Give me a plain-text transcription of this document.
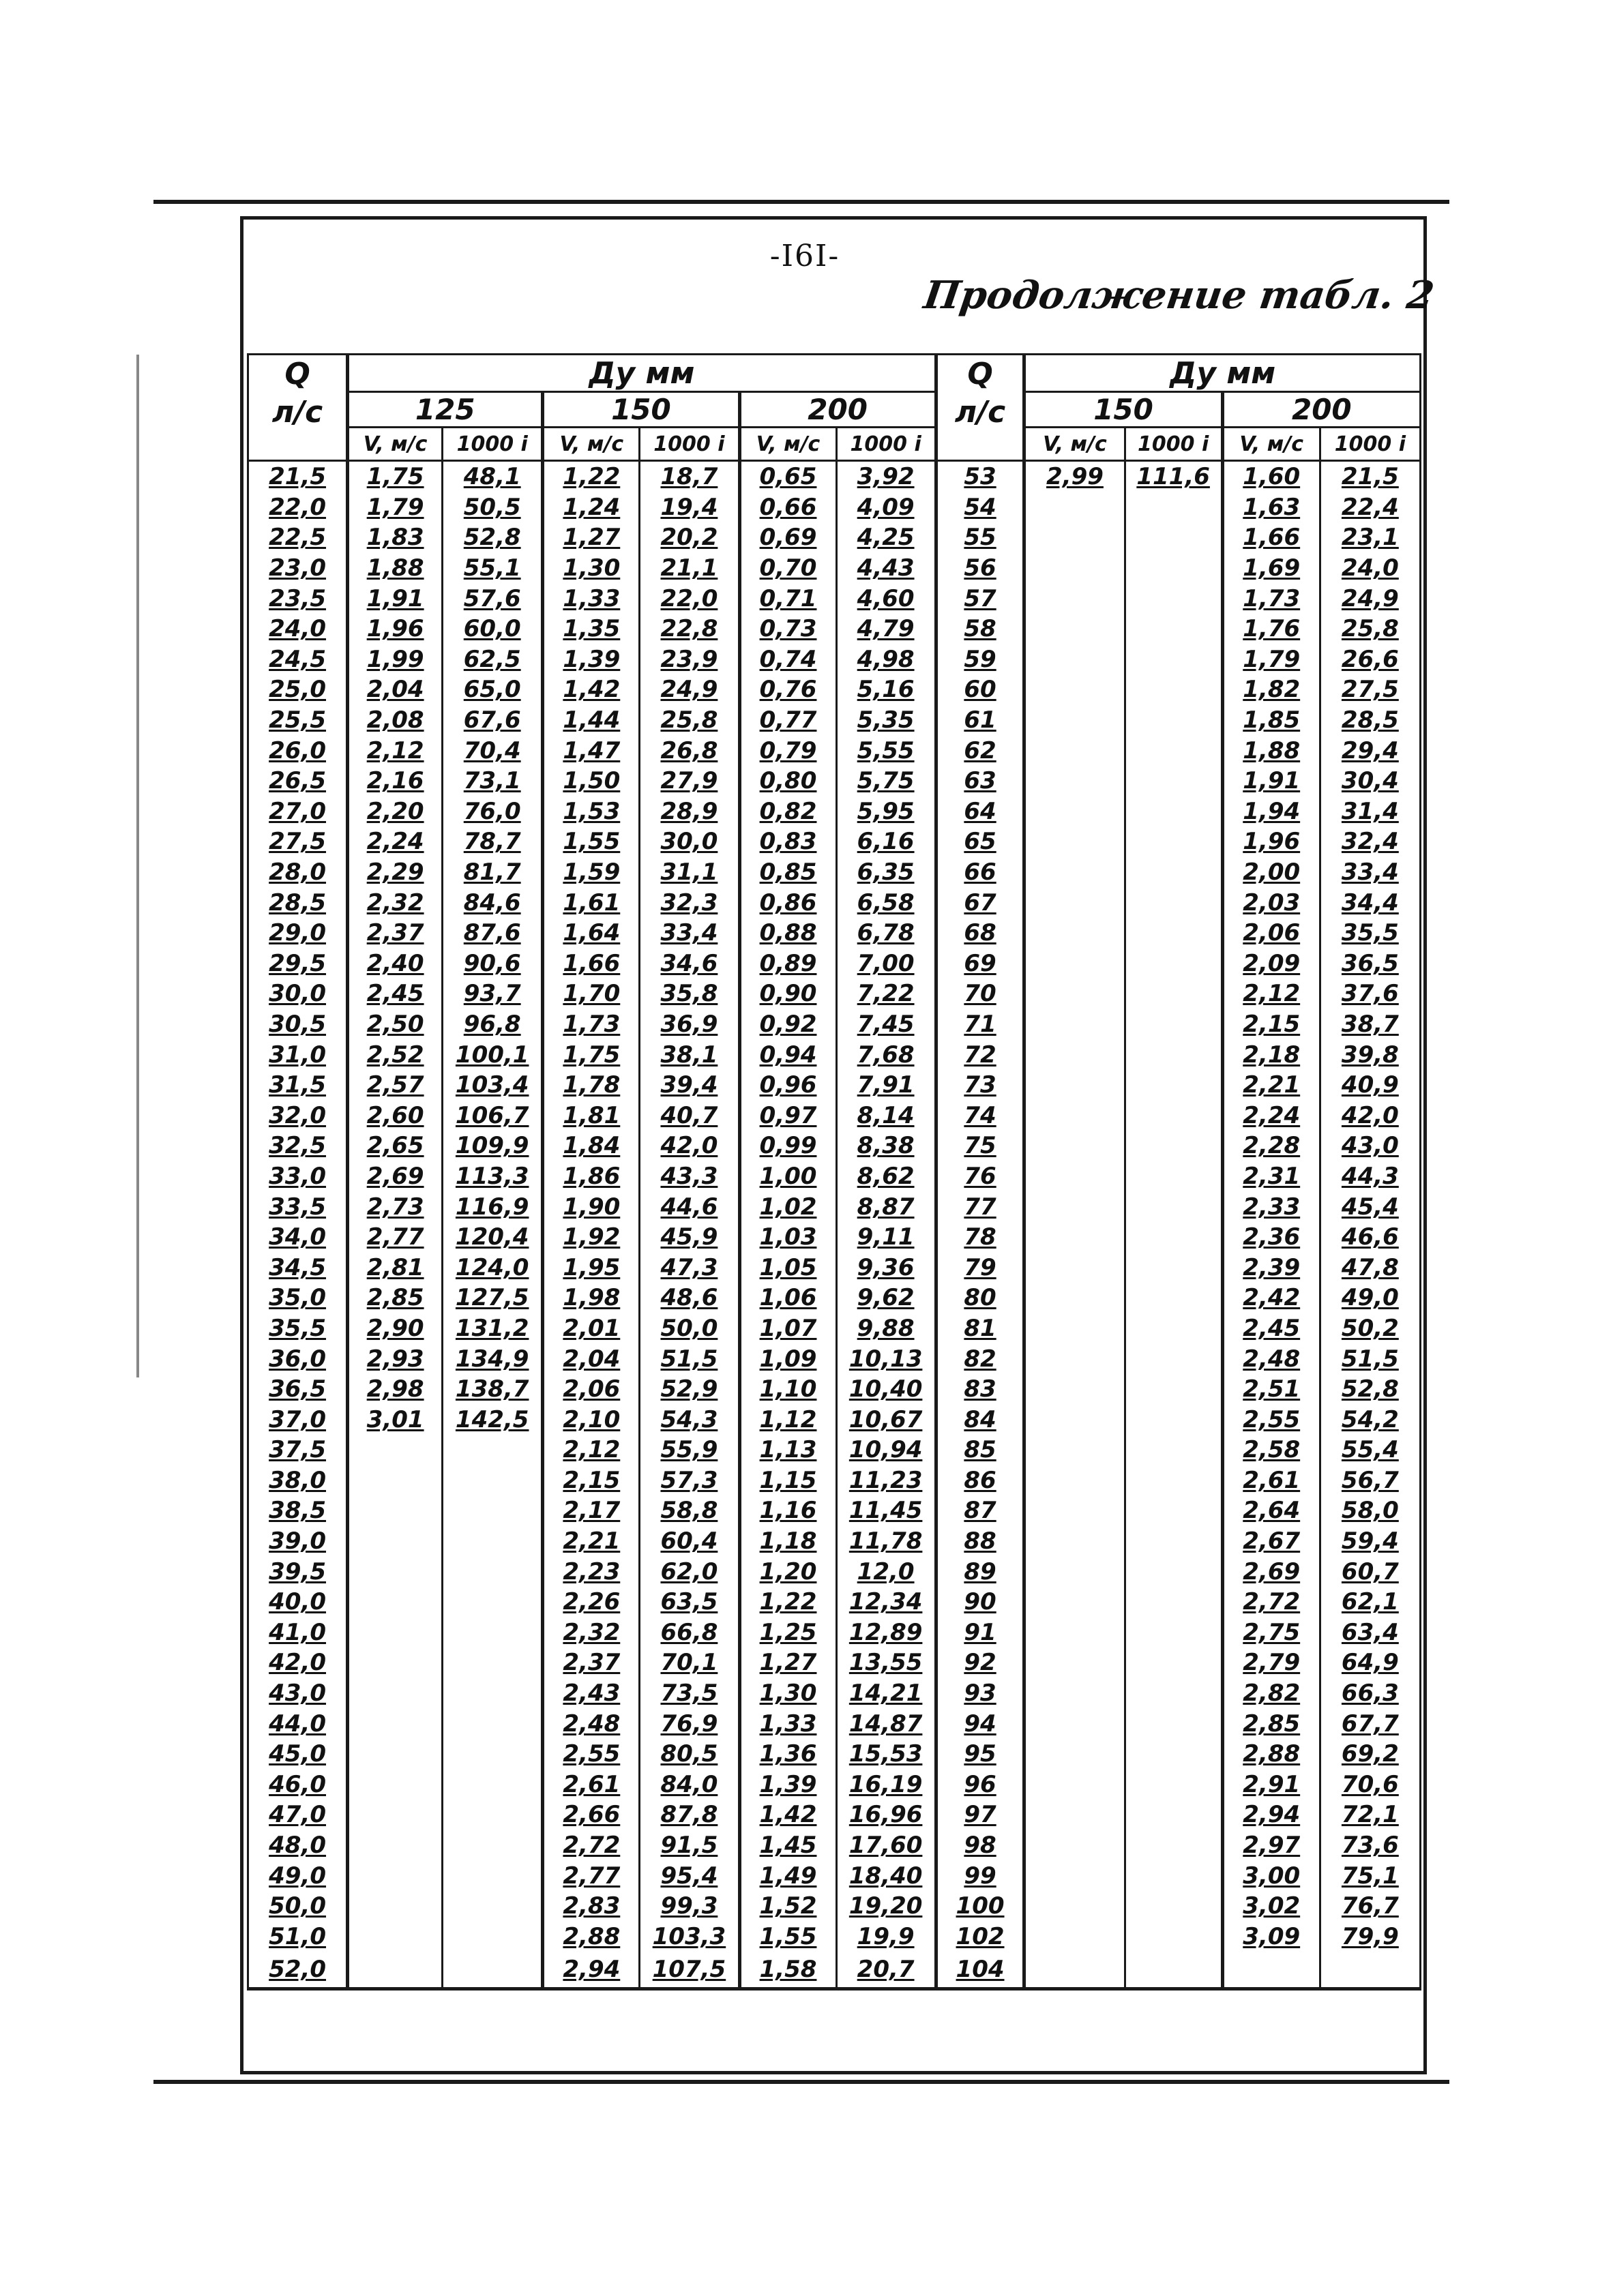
-I6I-
Продолжение табл. 2
Q
л/с	Ду мм						Q
л/с	Ду мм			
	125		150		200			150		200	
	V, м/с	1000 i	V, м/с	1000 i	V, м/с	1000 i		V, м/с	1000 i	V, м/с	1000 i
21,5	1,75	48,1	1,22	18,7	0,65	3,92	53	2,99	111,6	1,60	21,5
22,0	1,79	50,5	1,24	19,4	0,66	4,09	54			1,63	22,4
22,5	1,83	52,8	1,27	20,2	0,69	4,25	55			1,66	23,1
23,0	1,88	55,1	1,30	21,1	0,70	4,43	56			1,69	24,0
23,5	1,91	57,6	1,33	22,0	0,71	4,60	57			1,73	24,9
24,0	1,96	60,0	1,35	22,8	0,73	4,79	58			1,76	25,8
24,5	1,99	62,5	1,39	23,9	0,74	4,98	59			1,79	26,6
25,0	2,04	65,0	1,42	24,9	0,76	5,16	60			1,82	27,5
25,5	2,08	67,6	1,44	25,8	0,77	5,35	61			1,85	28,5
26,0	2,12	70,4	1,47	26,8	0,79	5,55	62			1,88	29,4
26,5	2,16	73,1	1,50	27,9	0,80	5,75	63			1,91	30,4
27,0	2,20	76,0	1,53	28,9	0,82	5,95	64			1,94	31,4
27,5	2,24	78,7	1,55	30,0	0,83	6,16	65			1,96	32,4
28,0	2,29	81,7	1,59	31,1	0,85	6,35	66			2,00	33,4
28,5	2,32	84,6	1,61	32,3	0,86	6,58	67			2,03	34,4
29,0	2,37	87,6	1,64	33,4	0,88	6,78	68			2,06	35,5
29,5	2,40	90,6	1,66	34,6	0,89	7,00	69			2,09	36,5
30,0	2,45	93,7	1,70	35,8	0,90	7,22	70			2,12	37,6
30,5	2,50	96,8	1,73	36,9	0,92	7,45	71			2,15	38,7
31,0	2,52	100,1	1,75	38,1	0,94	7,68	72			2,18	39,8
31,5	2,57	103,4	1,78	39,4	0,96	7,91	73			2,21	40,9
32,0	2,60	106,7	1,81	40,7	0,97	8,14	74			2,24	42,0
32,5	2,65	109,9	1,84	42,0	0,99	8,38	75			2,28	43,0
33,0	2,69	113,3	1,86	43,3	1,00	8,62	76			2,31	44,3
33,5	2,73	116,9	1,90	44,6	1,02	8,87	77			2,33	45,4
34,0	2,77	120,4	1,92	45,9	1,03	9,11	78			2,36	46,6
34,5	2,81	124,0	1,95	47,3	1,05	9,36	79			2,39	47,8
35,0	2,85	127,5	1,98	48,6	1,06	9,62	80			2,42	49,0
35,5	2,90	131,2	2,01	50,0	1,07	9,88	81			2,45	50,2
36,0	2,93	134,9	2,04	51,5	1,09	10,13	82			2,48	51,5
36,5	2,98	138,7	2,06	52,9	1,10	10,40	83			2,51	52,8
37,0	3,01	142,5	2,10	54,3	1,12	10,67	84			2,55	54,2
37,5			2,12	55,9	1,13	10,94	85			2,58	55,4
38,0			2,15	57,3	1,15	11,23	86			2,61	56,7
38,5			2,17	58,8	1,16	11,45	87			2,64	58,0
39,0			2,21	60,4	1,18	11,78	88			2,67	59,4
39,5			2,23	62,0	1,20	12,0	89			2,69	60,7
40,0			2,26	63,5	1,22	12,34	90			2,72	62,1
41,0			2,32	66,8	1,25	12,89	91			2,75	63,4
42,0			2,37	70,1	1,27	13,55	92			2,79	64,9
43,0			2,43	73,5	1,30	14,21	93			2,82	66,3
44,0			2,48	76,9	1,33	14,87	94			2,85	67,7
45,0			2,55	80,5	1,36	15,53	95			2,88	69,2
46,0			2,61	84,0	1,39	16,19	96			2,91	70,6
47,0			2,66	87,8	1,42	16,96	97			2,94	72,1
48,0			2,72	91,5	1,45	17,60	98			2,97	73,6
49,0			2,77	95,4	1,49	18,40	99			3,00	75,1
50,0			2,83	99,3	1,52	19,20	100			3,02	76,7
51,0			2,88	103,3	1,55	19,9	102			3,09	79,9
52,0			2,94	107,5	1,58	20,7	104				
